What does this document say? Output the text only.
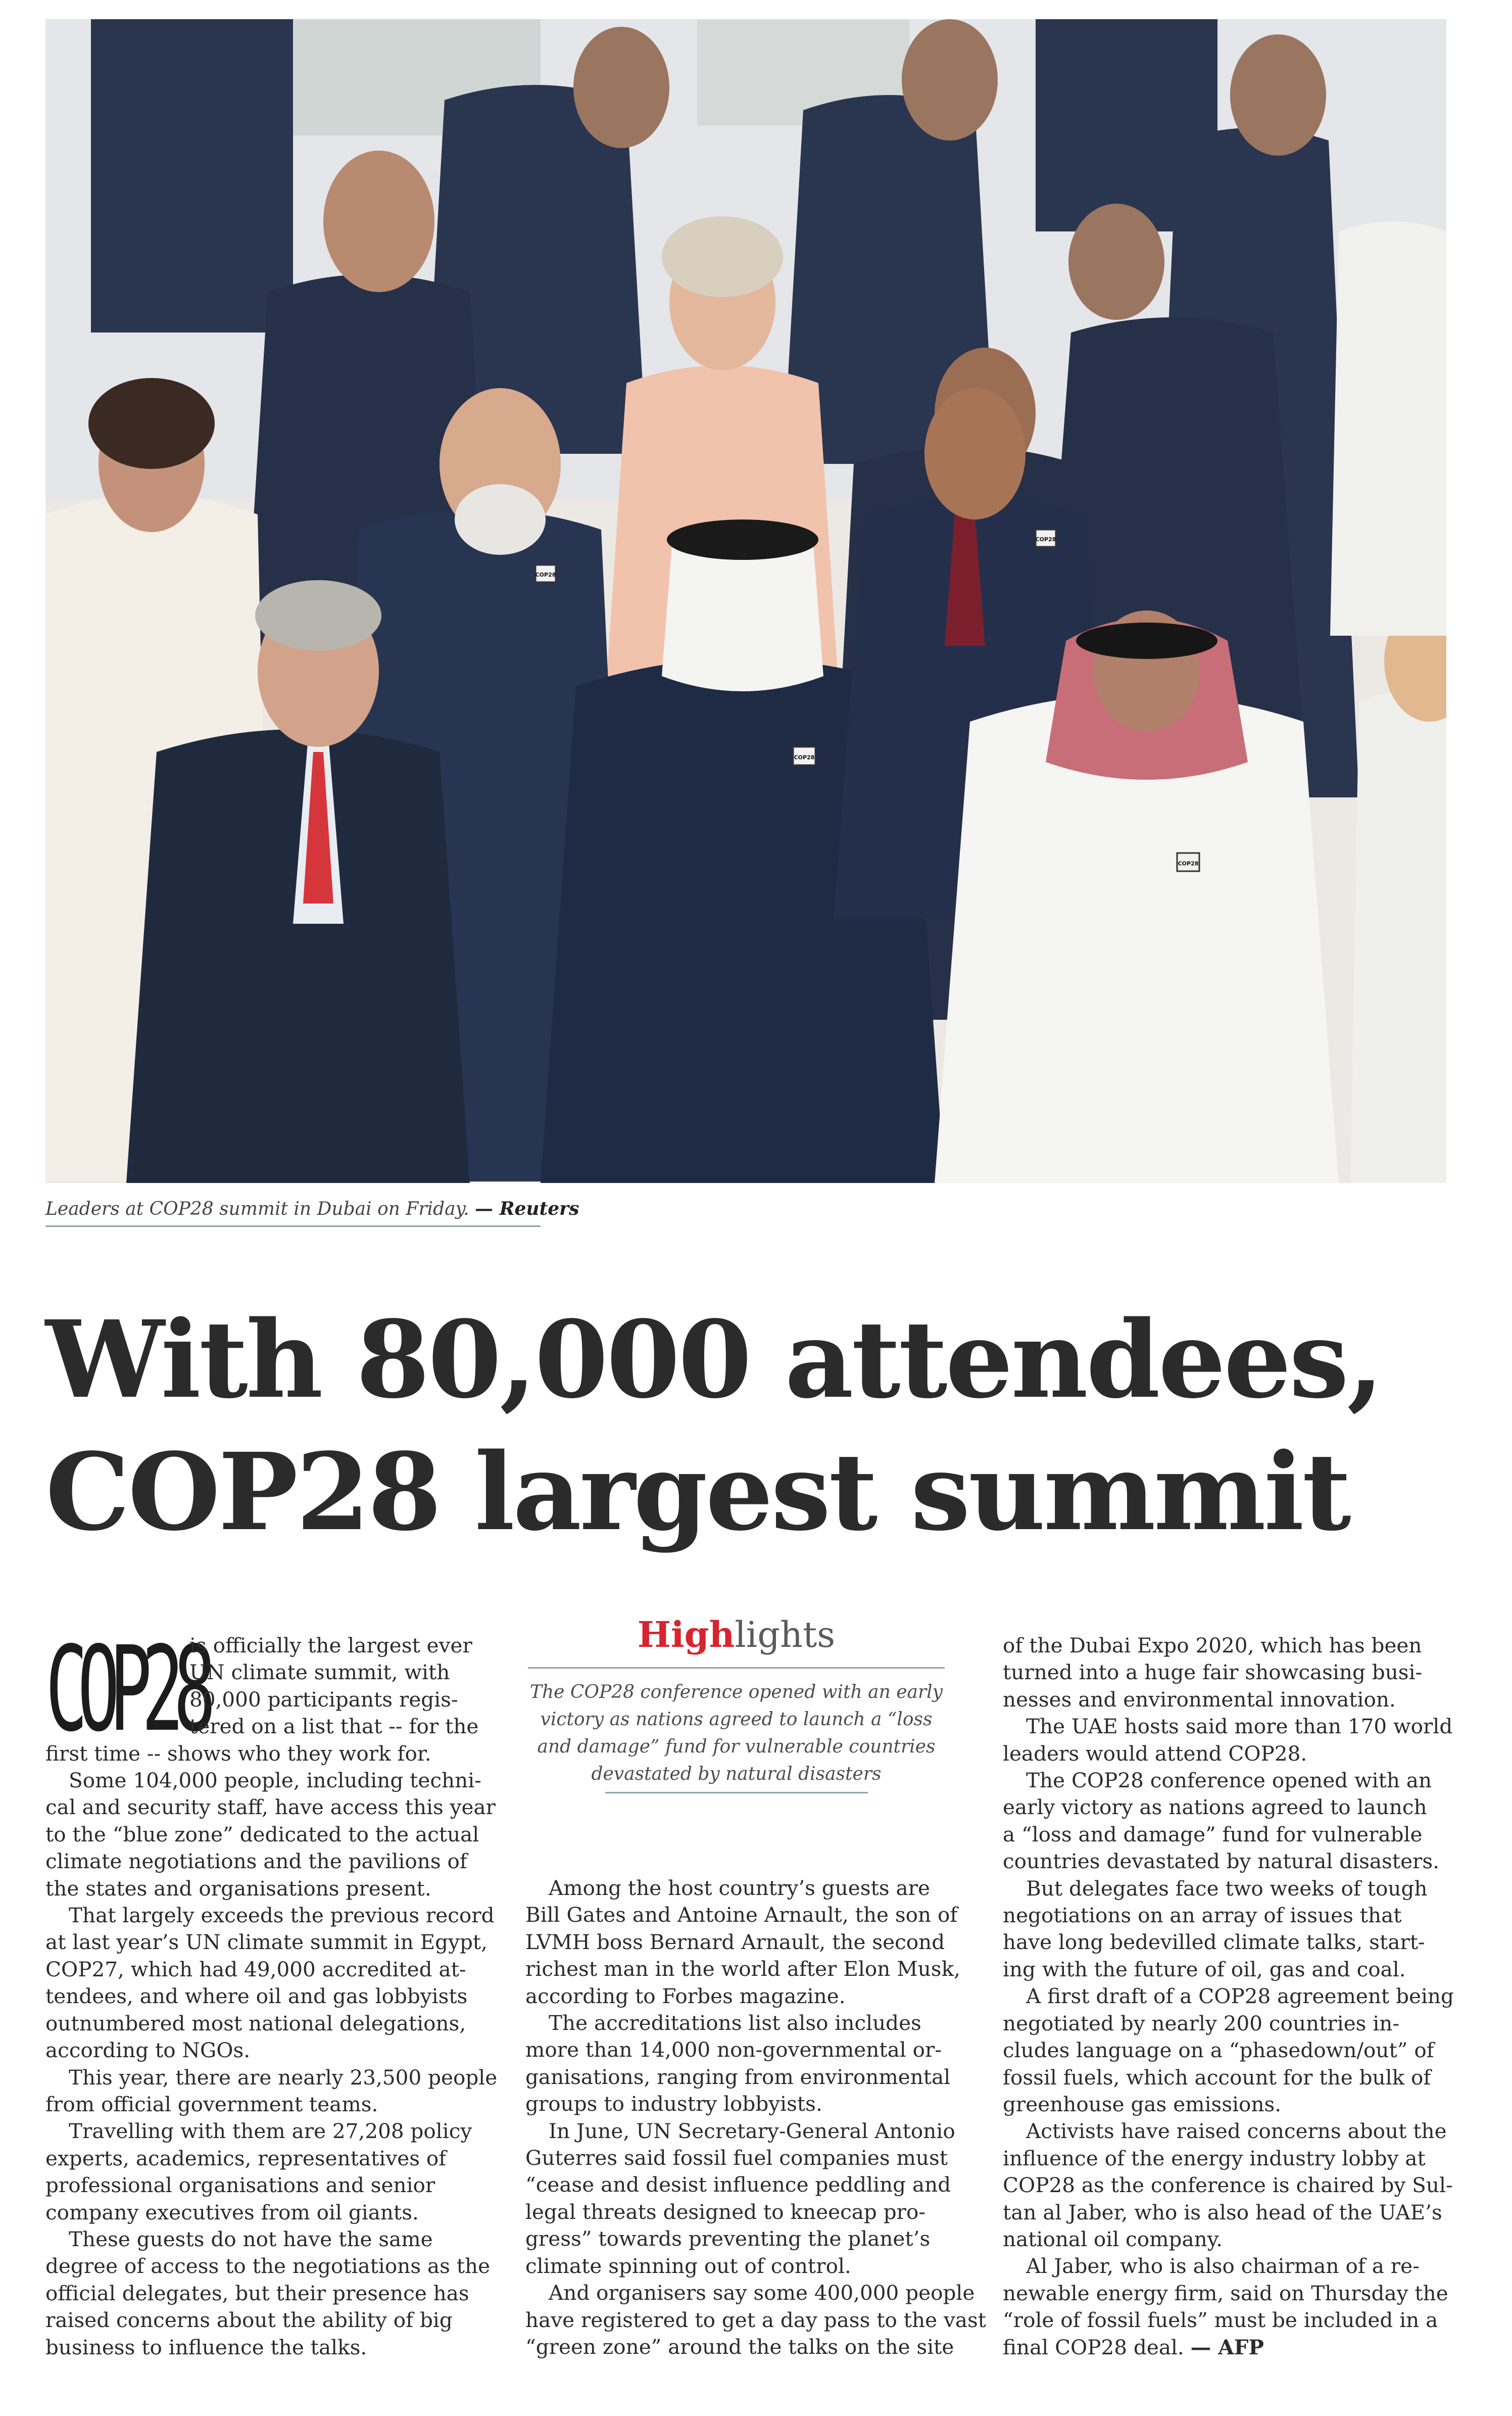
COP28
COP28
COP28
COP28
Leaders at COP28 summit in Dubai on Friday. — Reuters
With 80,000 attendees,
COP28 largest summit
COP28
is officially the largest ever
UN climate summit, with
80,000 participants regis-
tered on a list that -- for the
first time -- shows who they work for.
Some 104,000 people, including techni-
cal and security staff, have access this year
to the “blue zone” dedicated to the actual
climate negotiations and the pavilions of
the states and organisations present.
That largely exceeds the previous record
at last year’s UN climate summit in Egypt,
COP27, which had 49,000 accredited at-
tendees, and where oil and gas lobbyists
outnumbered most national delegations,
according to NGOs.
This year, there are nearly 23,500 people
from official government teams.
Travelling with them are 27,208 policy
experts, academics, representatives of
professional organisations and senior
company executives from oil giants.
These guests do not have the same
degree of access to the negotiations as the
official delegates, but their presence has
raised concerns about the ability of big
business to influence the talks.
Highlights
The COP28 conference opened with an early
victory as nations agreed to launch a “loss
and damage” fund for vulnerable countries
devastated by natural disasters
Among the host country’s guests are
Bill Gates and Antoine Arnault, the son of
LVMH boss Bernard Arnault, the second
richest man in the world after Elon Musk,
according to Forbes magazine.
The accreditations list also includes
more than 14,000 non-governmental or-
ganisations, ranging from environmental
groups to industry lobbyists.
In June, UN Secretary-General Antonio
Guterres said fossil fuel companies must
“cease and desist influence peddling and
legal threats designed to kneecap pro-
gress” towards preventing the planet’s
climate spinning out of control.
And organisers say some 400,000 people
have registered to get a day pass to the vast
“green zone” around the talks on the site
of the Dubai Expo 2020, which has been
turned into a huge fair showcasing busi-
nesses and environmental innovation.
The UAE hosts said more than 170 world
leaders would attend COP28.
The COP28 conference opened with an
early victory as nations agreed to launch
a “loss and damage” fund for vulnerable
countries devastated by natural disasters.
But delegates face two weeks of tough
negotiations on an array of issues that
have long bedevilled climate talks, start-
ing with the future of oil, gas and coal.
A first draft of a COP28 agreement being
negotiated by nearly 200 countries in-
cludes language on a “phasedown/out” of
fossil fuels, which account for the bulk of
greenhouse gas emissions.
Activists have raised concerns about the
influence of the energy industry lobby at
COP28 as the conference is chaired by Sul-
tan al Jaber, who is also head of the UAE’s
national oil company.
Al Jaber, who is also chairman of a re-
newable energy firm, said on Thursday the
“role of fossil fuels” must be included in a
final COP28 deal. — AFP
